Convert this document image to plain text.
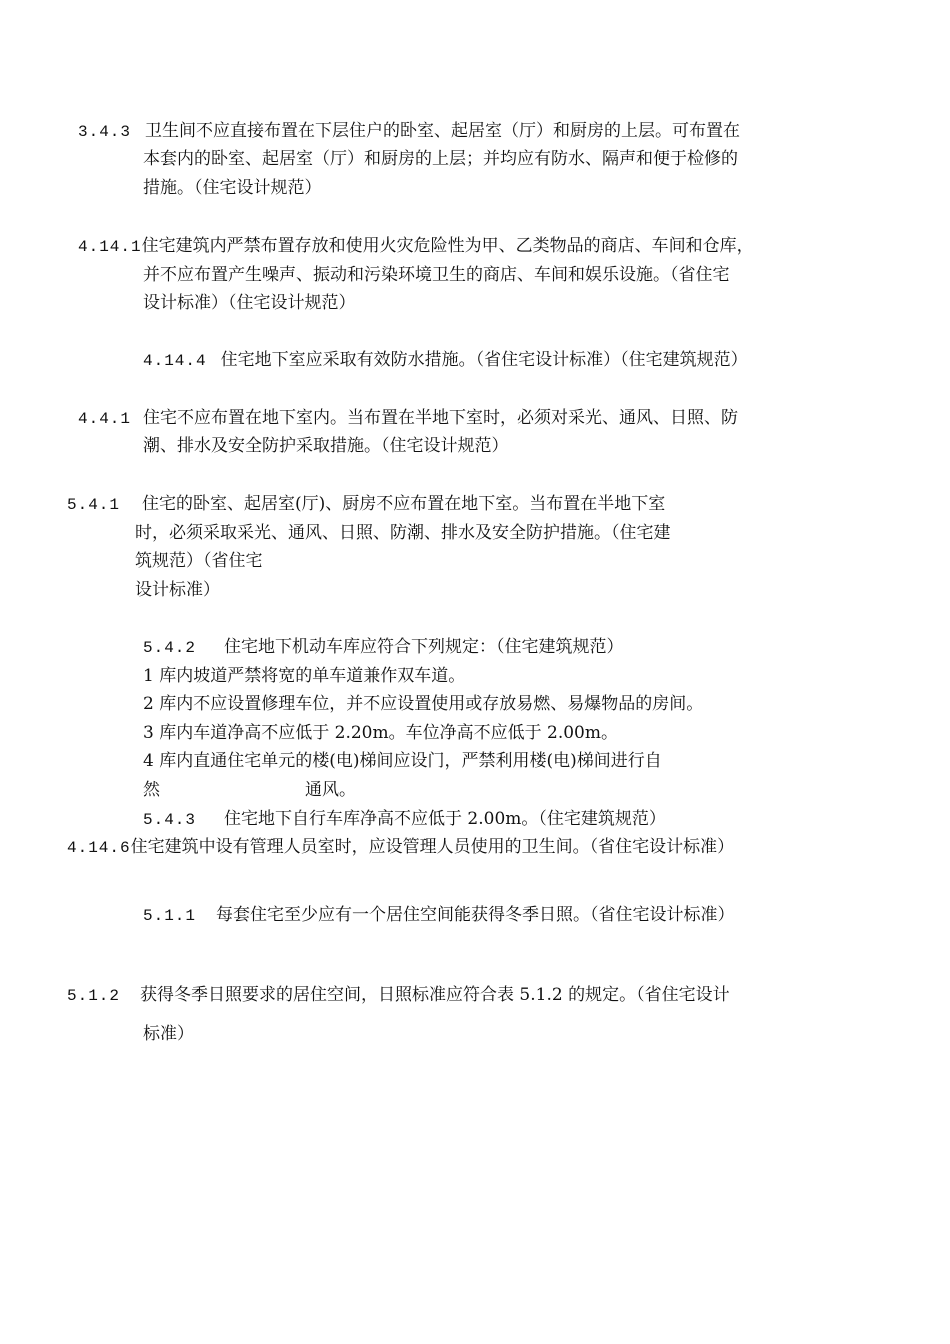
3.4.3 卫生间不应直接布置在下层住户的卧室、起居室（厅）和厨房的上层。可布置在
本套内的卧室、起居室（厅）和厨房的上层；并均应有防水、隔声和便于检修的
措施。（住宅设计规范）
4.14.1住宅建筑内严禁布置存放和使用火灾危险性为甲、乙类物品的商店、车间和仓库，
并不应布置产生噪声、振动和污染环境卫生的商店、车间和娱乐设施。（省住宅
设计标准）（住宅设计规范）
4.14.4 住宅地下室应采取有效防水措施。（省住宅设计标准）（住宅建筑规范）
4.4.1 住宅不应布置在地下室内。当布置在半地下室时，必须对采光、通风、日照、防
潮、排水及安全防护采取措施。（住宅设计规范）
5.4.1 住宅的卧室、起居室(厅)、厨房不应布置在地下室。当布置在半地下室
时，必须采取采光、通风、日照、防潮、排水及安全防护措施。（住宅建
筑规范）（省住宅
设计标准）
5.4.2 住宅地下机动车库应符合下列规定：（住宅建筑规范）
1 库内坡道严禁将宽的单车道兼作双车道。
2 库内不应设置修理车位，并不应设置使用或存放易燃、易爆物品的房间。
3 库内车道净高不应低于 2.20m。车位净高不应低于 2.00m。
4 库内直通住宅单元的楼(电)梯间应设门，严禁利用楼(电)梯间进行自
然	通风。
5.4.3 住宅地下自行车库净高不应低于 2.00m。（住宅建筑规范）
4.14.6住宅建筑中设有管理人员室时，应设管理人员使用的卫生间。（省住宅设计标准）
5.1.1 每套住宅至少应有一个居住空间能获得冬季日照。（省住宅设计标准）
5.1.2 获得冬季日照要求的居住空间，日照标准应符合表 5.1.2 的规定。（省住宅设计
标准）
